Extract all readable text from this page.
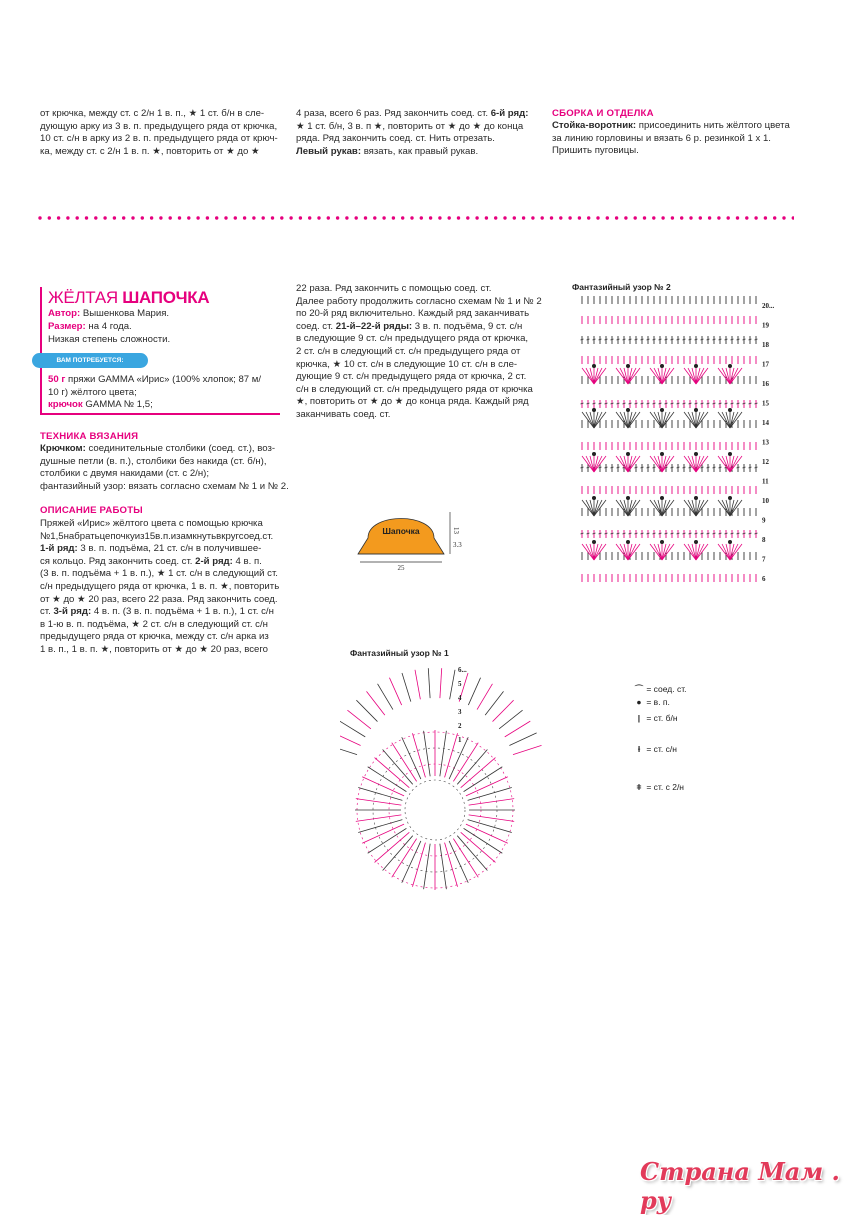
от крючка, между ст. с 2/н 1 в. п., ★ 1 ст. б/н в сле-
дующую арку из 3 в. п. предыдущего ряда от крючка,
10 ст. с/н в арку из 2 в. п. предыдущего ряда от крюч-
ка, между ст. с 2/н 1 в. п. ★, повторить от ★ до ★
4 раза, всего 6 раз. Ряд закончить соед. ст. 6-й ряд:
★ 1 ст. б/н, 3 в. п ★, повторить от ★ до ★ до конца
ряда. Ряд закончить соед. ст. Нить отрезать.
Левый рукав: вязать, как правый рукав.
СБОРКА И ОТДЕЛКА
Стойка-воротник: присоединить нить жёлтого цвета
за линию горловины и вязать 6 р. резинкой 1 х 1.
Пришить пуговицы.
ЖЁЛТАЯ ШАПОЧКА
Автор: Вышенкова Мария.
Размер: на 4 года.
Низкая степень сложности.
ВАМ ПОТРЕБУЕТСЯ:
50 г пряжи GAMMA «Ирис» (100% хлопок; 87 м/
10 г) жёлтого цвета;
крючок GAMMA № 1,5;
ТЕХНИКА ВЯЗАНИЯ
Крючком: соединительные столбики (соед. ст.), воз-
душные петли (в. п.), столбики без накида (ст. б/н),
столбики с двумя накидами (ст. с 2/н);
фантазийный узор: вязать согласно схемам № 1 и № 2.
ОПИСАНИЕ РАБОТЫ
Пряжей «Ирис» жёлтого цвета с помощью крючка
№1,5набратьцепочкуиз15в.п.изамкнутьвкругсоед.ст.
1-й ряд: 3 в. п. подъёма, 21 ст. с/н в получившее-
ся кольцо. Ряд закончить соед. ст. 2-й ряд: 4 в. п.
(3 в. п. подъёма + 1 в. п.), ★ 1 ст. с/н в следующий ст.
с/н предыдущего ряда от крючка, 1 в. п. ★, повторить
от ★ до ★ 20 раз, всего 22 раза. Ряд закончить соед.
ст. 3-й ряд: 4 в. п. (3 в. п. подъёма + 1 в. п.), 1 ст. с/н
в 1-ю в. п. подъёма, ★ 2 ст. с/н в следующий ст. с/н
предыдущего ряда от крючка, между ст. с/н арка из
1 в. п., 1 в. п. ★, повторить от ★ до ★ 20 раз, всего
22 раза. Ряд закончить с помощью соед. ст.
Далее работу продолжить согласно схемам № 1 и № 2
по 20-й ряд включительно. Каждый ряд заканчивать
соед. ст. 21-й–22-й ряды: 3 в. п. подъёма, 9 ст. с/н
в следующие 9 ст. с/н предыдущего ряда от крючка,
2 ст. с/н в следующий ст. с/н предыдущего ряда от
крючка, ★ 10 ст. с/н в следующие 10 ст. с/н в сле-
дующие 9 ст. с/н предыдущего ряда от крючка, 2 ст.
с/н в следующий ст. с/н предыдущего ряда от крючка
★, повторить от ★ до ★ до конца ряда. Каждый ряд
заканчивать соед. ст.
Шапочка	13
3.3
25
Фантазийный узор № 2
20...
19
18
17
16
15
14
13
12
11
10
9
8
7
6
Фантазийный узор № 1
6...
5
4
3
2
1
⌒ = соед. ст.
● = в. п.
| = ст. б/н
ƚ = ст. с/н
ǂ = ст. с 2/н
Страна Мам . ру
